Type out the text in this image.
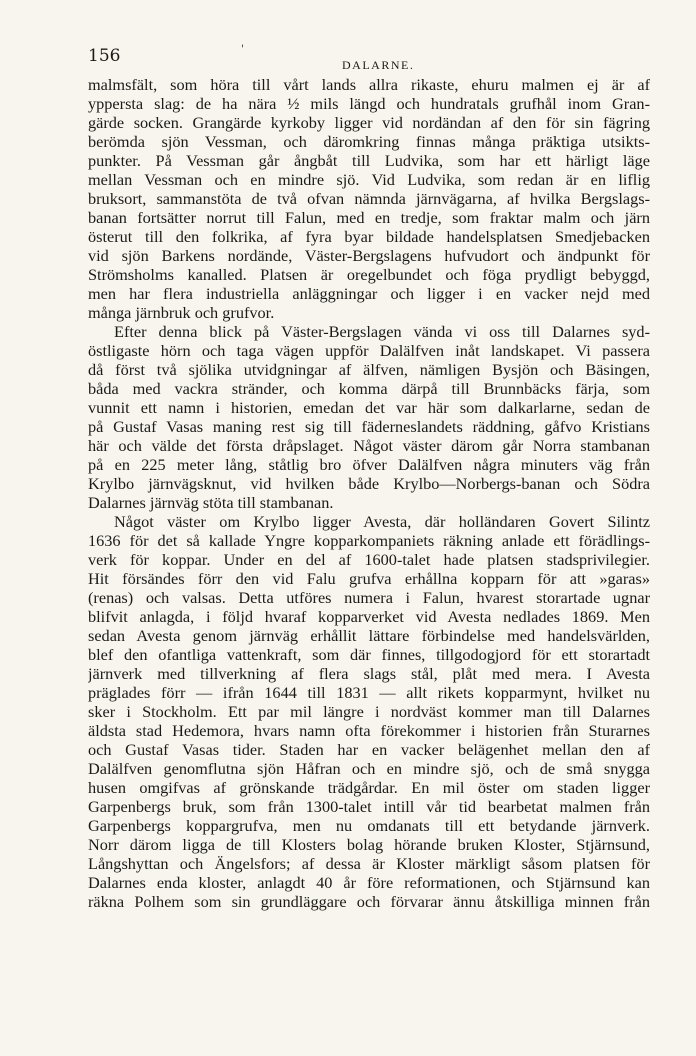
156	'
DALARNE.
malmsfält, som höra till vårt lands allra rikaste, ehuru malmen ej är af
yppersta slag: de ha nära ½ mils längd och hundratals grufhål inom Gran-
gärde socken. Grangärde kyrkoby ligger vid nordändan af den för sin fägring
berömda sjön Vessman, och däromkring finnas många präktiga utsikts-
punkter. På Vessman går ångbåt till Ludvika, som har ett härligt läge
mellan Vessman och en mindre sjö. Vid Ludvika, som redan är en liflig
bruksort, sammanstöta de två ofvan nämnda järnvägarna, af hvilka Bergslags-
banan fortsätter norrut till Falun, med en tredje, som fraktar malm och järn
österut till den folkrika, af fyra byar bildade handelsplatsen Smedjebacken
vid sjön Barkens nordände, Väster-Bergslagens hufvudort och ändpunkt för
Strömsholms kanalled. Platsen är oregelbundet och föga prydligt bebyggd,
men har flera industriella anläggningar och ligger i en vacker nejd med
många järnbruk och grufvor.
Efter denna blick på Väster-Bergslagen vända vi oss till Dalarnes syd-
östligaste hörn och taga vägen uppför Dalälfven inåt landskapet. Vi passera
då först två sjölika utvidgningar af älfven, nämligen Bysjön och Bäsingen,
båda med vackra stränder, och komma därpå till Brunnbäcks färja, som
vunnit ett namn i historien, emedan det var här som dalkarlarne, sedan de
på Gustaf Vasas maning rest sig till fäderneslandets räddning, gåfvo Kristians
här och välde det första dråpslaget. Något väster därom går Norra stambanan
på en 225 meter lång, ståtlig bro öfver Dalälfven några minuters väg från
Krylbo järnvägsknut, vid hvilken både Krylbo—Norbergs-banan och Södra
Dalarnes järnväg stöta till stambanan.
Något väster om Krylbo ligger Avesta, där holländaren Govert Silintz
1636 för det så kallade Yngre kopparkompaniets räkning anlade ett förädlings-
verk för koppar. Under en del af 1600-talet hade platsen stadsprivilegier.
Hit försändes förr den vid Falu grufva erhållna kopparn för att »garas»
(renas) och valsas. Detta utföres numera i Falun, hvarest storartade ugnar
blifvit anlagda, i följd hvaraf kopparverket vid Avesta nedlades 1869. Men
sedan Avesta genom järnväg erhållit lättare förbindelse med handelsvärlden,
blef den ofantliga vattenkraft, som där finnes, tillgodogjord för ett storartadt
järnverk med tillverkning af flera slags stål, plåt med mera. I Avesta
präglades förr — ifrån 1644 till 1831 — allt rikets kopparmynt, hvilket nu
sker i Stockholm. Ett par mil längre i nordväst kommer man till Dalarnes
äldsta stad Hedemora, hvars namn ofta förekommer i historien från Sturarnes
och Gustaf Vasas tider. Staden har en vacker belägenhet mellan den af
Dalälfven genomflutna sjön Håfran och en mindre sjö, och de små snygga
husen omgifvas af grönskande trädgårdar. En mil öster om staden ligger
Garpenbergs bruk, som från 1300-talet intill vår tid bearbetat malmen från
Garpenbergs koppargrufva, men nu omdanats till ett betydande järnverk.
Norr därom ligga de till Klosters bolag hörande bruken Kloster, Stjärnsund,
Långshyttan och Ängelsfors; af dessa är Kloster märkligt såsom platsen för
Dalarnes enda kloster, anlagdt 40 år före reformationen, och Stjärnsund kan
räkna Polhem som sin grundläggare och förvarar ännu åtskilliga minnen från
